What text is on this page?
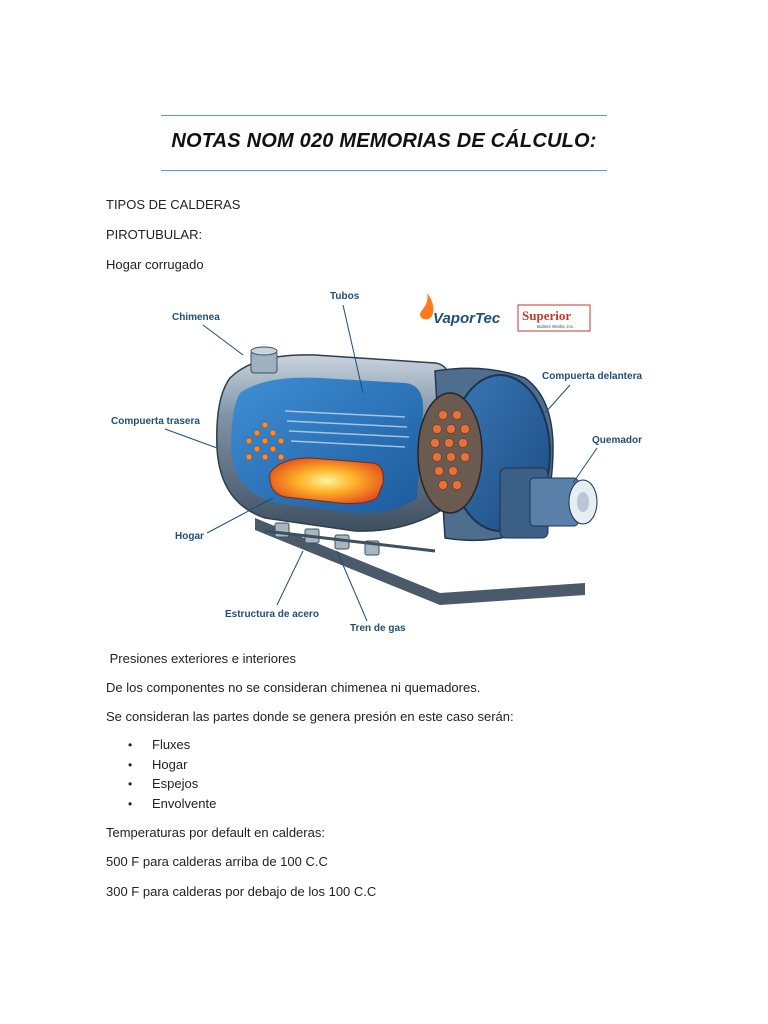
NOTAS NOM 020 MEMORIAS DE CÁLCULO:
TIPOS DE CALDERAS
PIROTUBULAR:
Hogar corrugado
Tubos
Chimenea
Compuerta delantera
Compuerta trasera
Quemador
Hogar
Estructura de acero
Tren de gas
VaporTec Superior
Boilers Works, Inc.
Presiones exteriores e interiores
De los componentes no se consideran chimenea ni quemadores.
Se consideran las partes donde se genera presión en este caso serán:
•	Fluxes
•	Hogar
•	Espejos
•	Envolvente
Temperaturas por default en calderas:
500 F para calderas arriba de 100 C.C
300 F para calderas por debajo de los 100 C.C
